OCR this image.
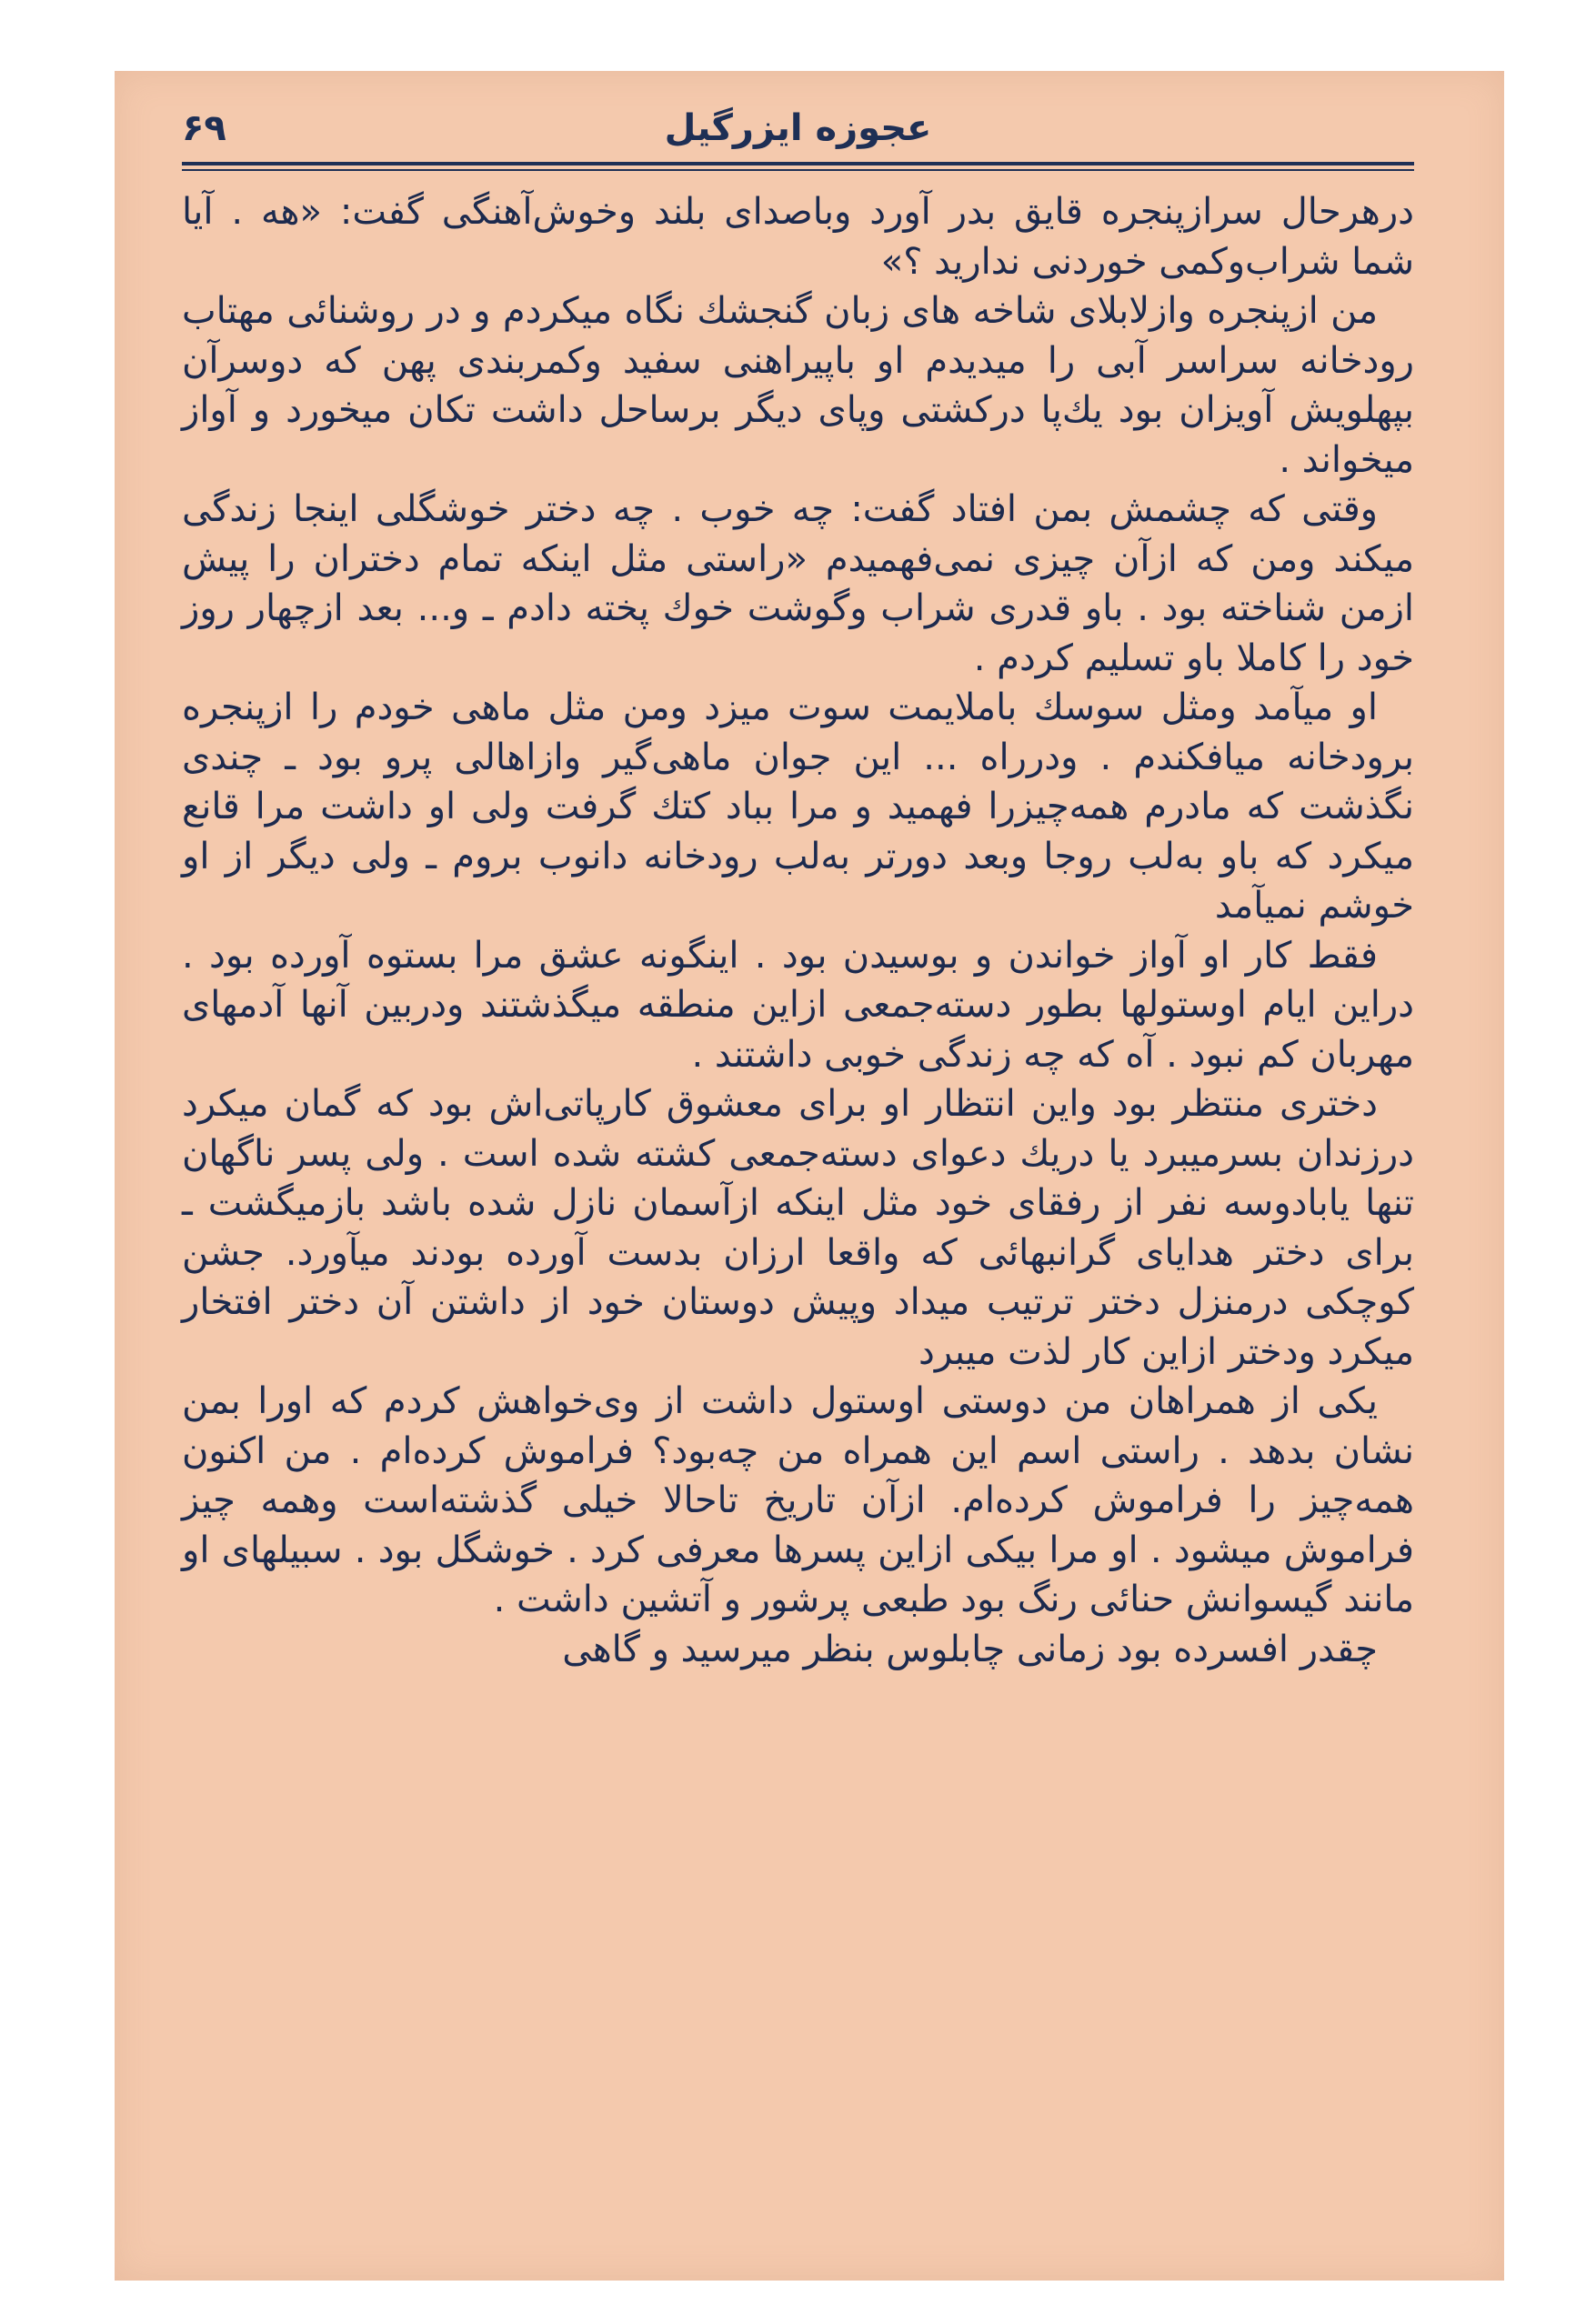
عجوزه ایزرگیل
۶۹

درهرحال سرازپنجره قایق بدر آورد وباصدای بلند وخوش‌آهنگی گفت: «هه . آیا شما شراب‌وکمی خوردنی ندارید ؟»

من ازپنجره وازلابلای شاخه های زبان گنجشك نگاه میکردم و در روشنائی مهتاب رودخانه سراسر آبی را میدیدم او باپیراهنی سفید وکمربندی پهن که دوسرآن بپهلویش آویزان بود یك‌پا درکشتی وپای دیگر برساحل داشت تکان میخورد و آواز میخواند .

وقتی که چشمش بمن افتاد گفت: چه خوب . چه دختر خوشگلی اینجا زندگی میکند ومن که ازآن چیزی نمی‌فهمیدم «راستی مثل اینکه تمام دختران را پیش ازمن شناخته بود . باو قدری شراب وگوشت خوك پخته دادم ـ و... بعد ازچهار روز خود را کاملا باو تسلیم کردم .

او میآمد ومثل سوسك باملایمت سوت میزد ومن مثل ماهی خودم را ازپنجره برودخانه میافکندم . ودرراه ... این جوان ماهی‌گیر وازاهالی پرو بود ـ چندی نگذشت که مادرم همه‌چیزرا فهمید و مرا بباد کتك گرفت ولی او داشت مرا قانع میکرد که باو به‌لب روجا وبعد دورتر به‌لب رودخانه دانوب بروم ـ ولی دیگر از او خوشم نمیآمد

فقط کار او آواز خواندن و بوسیدن بود . اینگونه عشق مرا بستوه آورده بود . دراین ایام اوستولها بطور دسته‌جمعی ازاین منطقه میگذشتند ودربین آنها آدمهای مهربان کم نبود . آه که چه زندگی خوبی داشتند .

دختری منتظر بود واین انتظار او برای معشوق کارپاتی‌اش بود که گمان میکرد درزندان بسرمیبرد یا دریك دعوای دسته‌جمعی کشته شده است . ولی پسر ناگهان تنها یابادوسه نفر از رفقای خود مثل اینکه ازآسمان نازل شده باشد بازمیگشت ـ برای دختر هدایای گرانبهائی که واقعا ارزان بدست آورده بودند میآورد. جشن کوچکی درمنزل دختر ترتیب میداد وپیش دوستان خود از داشتن آن دختر افتخار میکرد ودختر ازاین کار لذت میبرد

یکی از همراهان من دوستی اوستول داشت از وی‌خواهش کردم که اورا بمن نشان بدهد . راستی اسم این همراه من چه‌بود؟ فراموش کرده‌ام . من اکنون همه‌چیز را فراموش کرده‌ام. ازآن تاریخ تاحالا خیلی گذشته‌است وهمه چیز فراموش میشود . او مرا بیکی ازاین پسرها معرفی کرد . خوشگل بود . سبیلهای او مانند گیسوانش حنائی رنگ بود طبعی پرشور و آتشین داشت .

چقدر افسرده بود زمانی چابلوس بنظر میرسید و گاهی
